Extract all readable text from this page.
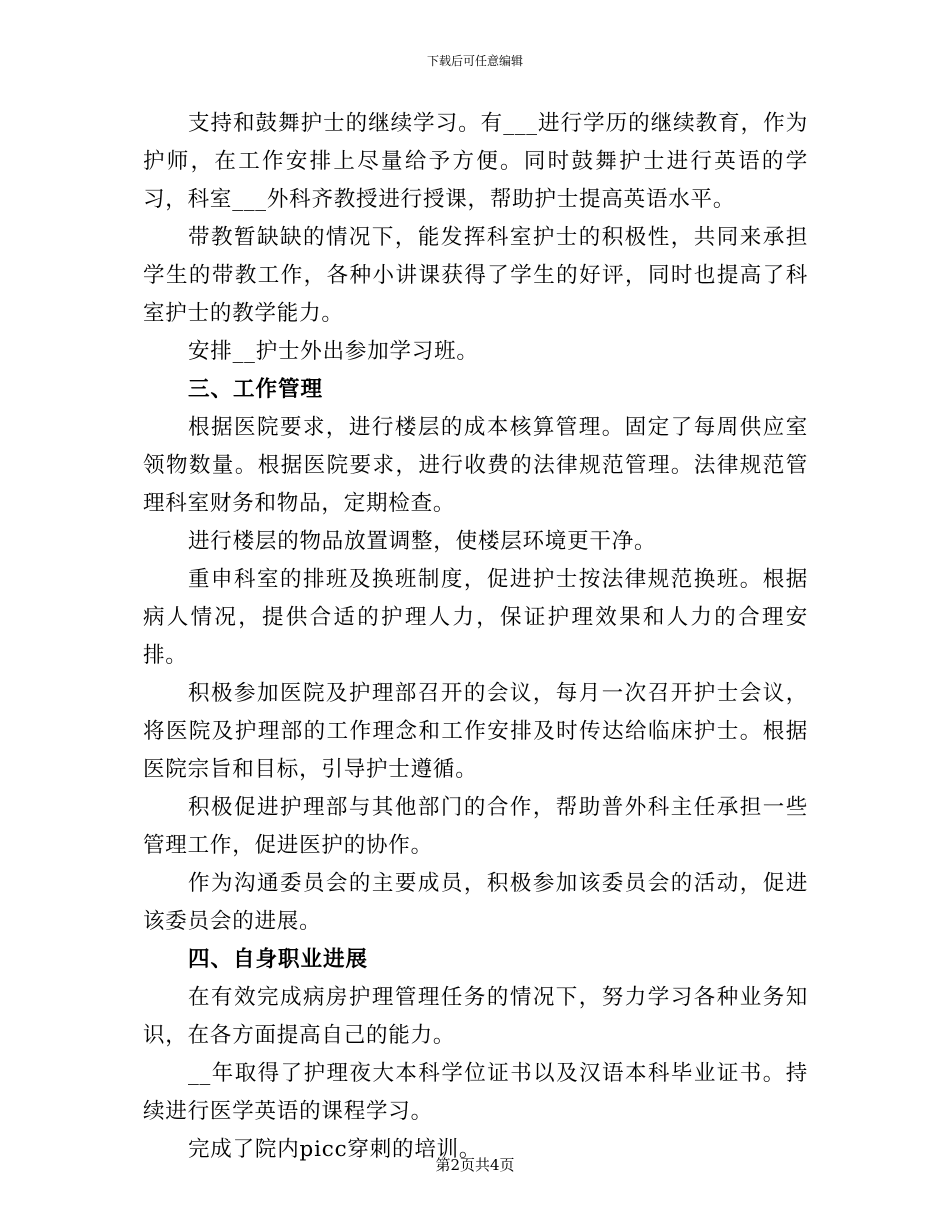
下载后可任意编辑

支持和鼓舞护士的继续学习。有___进行学历的继续教育，作为护师，在工作安排上尽量给予方便。同时鼓舞护士进行英语的学习，科室___外科齐教授进行授课，帮助护士提高英语水平。

带教暂缺缺的情况下，能发挥科室护士的积极性，共同来承担学生的带教工作，各种小讲课获得了学生的好评，同时也提高了科室护士的教学能力。

安排__护士外出参加学习班。

三、工作管理

根据医院要求，进行楼层的成本核算管理。固定了每周供应室领物数量。根据医院要求，进行收费的法律规范管理。法律规范管理科室财务和物品，定期检查。

进行楼层的物品放置调整，使楼层环境更干净。

重申科室的排班及换班制度，促进护士按法律规范换班。根据病人情况，提供合适的护理人力，保证护理效果和人力的合理安排。

积极参加医院及护理部召开的会议，每月一次召开护士会议，将医院及护理部的工作理念和工作安排及时传达给临床护士。根据医院宗旨和目标，引导护士遵循。

积极促进护理部与其他部门的合作，帮助普外科主任承担一些管理工作，促进医护的协作。

作为沟通委员会的主要成员，积极参加该委员会的活动，促进该委员会的进展。

四、自身职业进展

在有效完成病房护理管理任务的情况下，努力学习各种业务知识，在各方面提高自己的能力。

__年取得了护理夜大本科学位证书以及汉语本科毕业证书。持续进行医学英语的课程学习。

完成了院内picc穿刺的培训。

第2页共4页
